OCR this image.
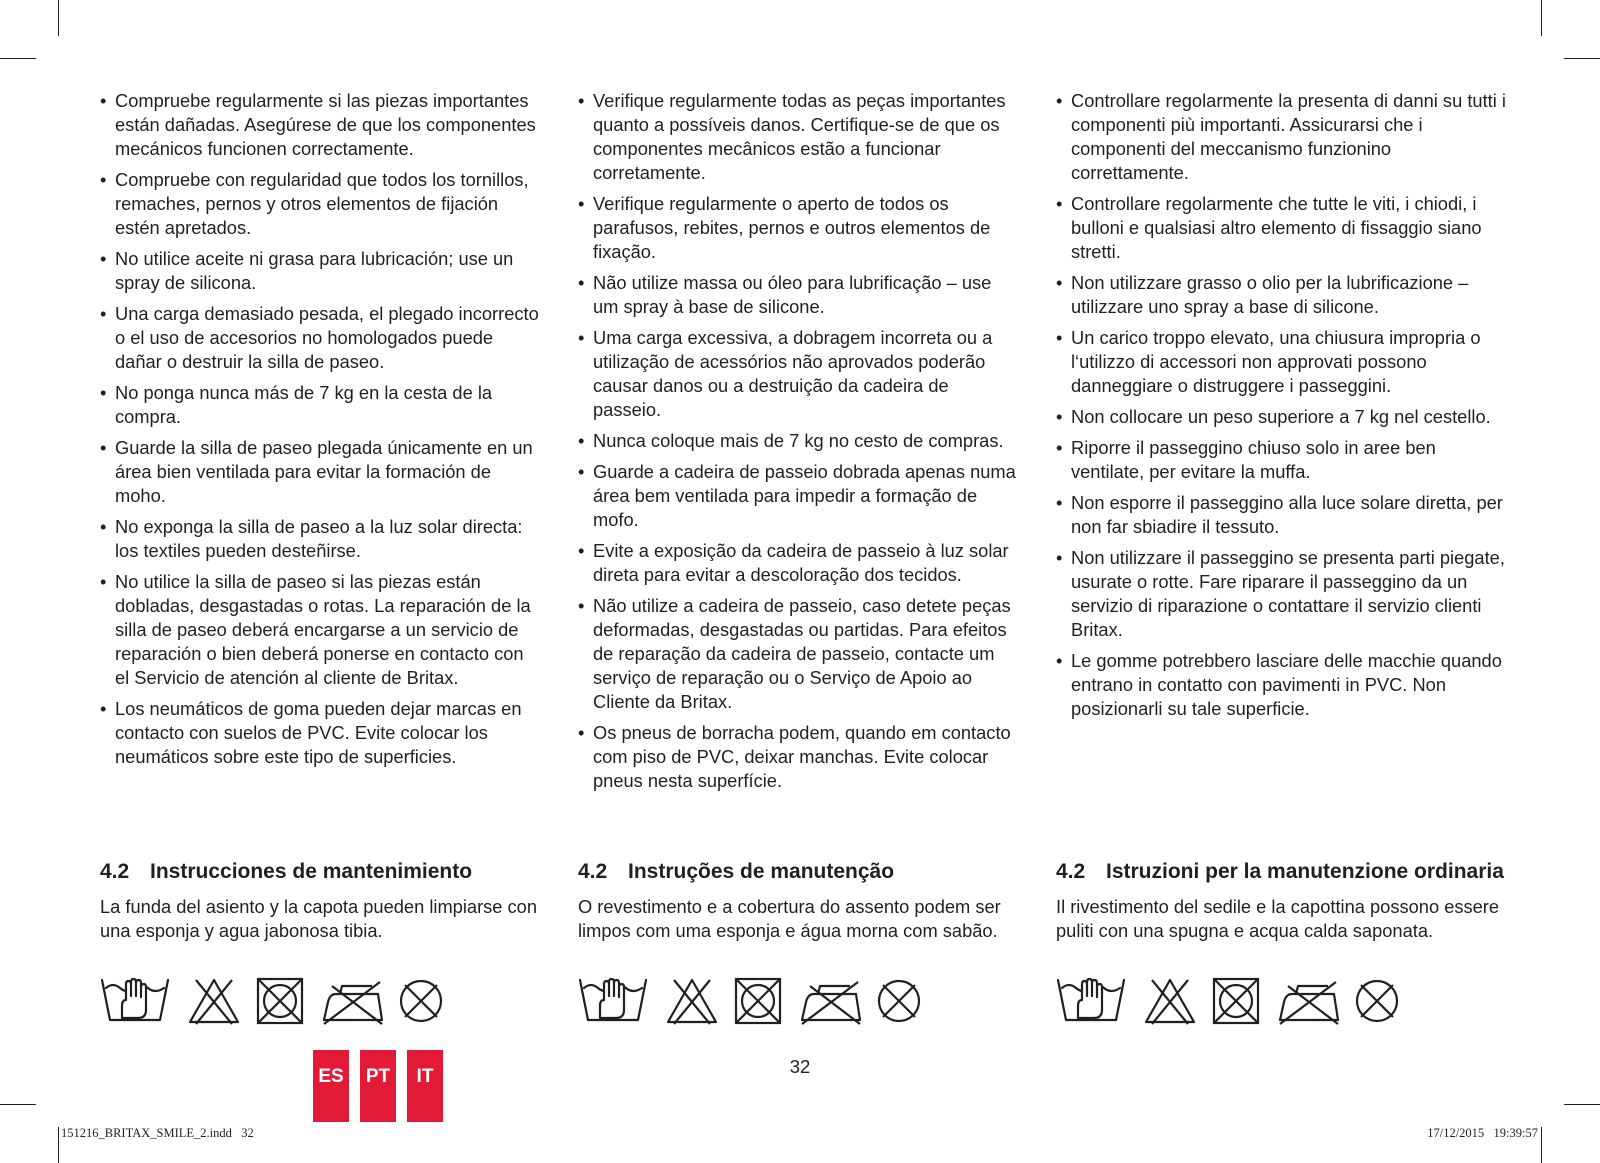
• Compruebe regularmente si las piezas importantes están dañadas. Asegúrese de que los componentes mecánicos funcionen correctamente.
• Compruebe con regularidad que todos los tornillos, remaches, pernos y otros elementos de fijación estén apretados.
• No utilice aceite ni grasa para lubricación; use un spray de silicona.
• Una carga demasiado pesada, el plegado incorrecto o el uso de accesorios no homologados puede dañar o destruir la silla de paseo.
• No ponga nunca más de 7 kg en la cesta de la compra.
• Guarde la silla de paseo plegada únicamente en un área bien ventilada para evitar la formación de moho.
• No exponga la silla de paseo a la luz solar directa: los textiles pueden desteñirse.
• No utilice la silla de paseo si las piezas están dobladas, desgastadas o rotas. La reparación de la silla de paseo deberá encargarse a un servicio de reparación o bien deberá ponerse en contacto con el Servicio de atención al cliente de Britax.
• Los neumáticos de goma pueden dejar marcas en contacto con suelos de PVC. Evite colocar los neumáticos sobre este tipo de superficies.
• Verifique regularmente todas as peças importantes quanto a possíveis danos. Certifique-se de que os componentes mecânicos estão a funcionar corretamente.
• Verifique regularmente o aperto de todos os parafusos, rebites, pernos e outros elementos de fixação.
• Não utilize massa ou óleo para lubrificação – use um spray à base de silicone.
• Uma carga excessiva, a dobragem incorreta ou a utilização de acessórios não aprovados poderão causar danos ou a destruição da cadeira de passeio.
• Nunca coloque mais de 7 kg no cesto de compras.
• Guarde a cadeira de passeio dobrada apenas numa área bem ventilada para impedir a formação de mofo.
• Evite a exposição da cadeira de passeio à luz solar direta para evitar a descoloração dos tecidos.
• Não utilize a cadeira de passeio, caso detete peças deformadas, desgastadas ou partidas. Para efeitos de reparação da cadeira de passeio, contacte um serviço de reparação ou o Serviço de Apoio ao Cliente da Britax.
• Os pneus de borracha podem, quando em contacto com piso de PVC, deixar manchas. Evite colocar pneus nesta superfície.
• Controllare regolarmente la presenta di danni su tutti i componenti più importanti. Assicurarsi che i componenti del meccanismo funzionino correttamente.
• Controllare regolarmente che tutte le viti, i chiodi, i bulloni e qualsiasi altro elemento di fissaggio siano stretti.
• Non utilizzare grasso o olio per la lubrificazione – utilizzare uno spray a base di silicone.
• Un carico troppo elevato, una chiusura impropria o l‘utilizzo di accessori non approvati possono danneggiare o distruggere i passeggini.
• Non collocare un peso superiore a 7 kg nel cestello.
• Riporre il passeggino chiuso solo in aree ben ventilate, per evitare la muffa.
• Non esporre il passeggino alla luce solare diretta, per non far sbiadire il tessuto.
• Non utilizzare il passeggino se presenta parti piegate, usurate o rotte. Fare riparare il passeggino da un servizio di riparazione o contattare il servizio clienti Britax.
• Le gomme potrebbero lasciare delle macchie quando entrano in contatto con pavimenti in PVC. Non posizionarli su tale superficie.
4.2 Instrucciones de mantenimiento

La funda del asiento y la capota pueden limpiarse con una esponja y agua jabonosa tibia.

4.2 Instruções de manutenção

O revestimento e a cobertura do assento podem ser limpos com uma esponja e água morna com sabão.

4.2 Istruzioni per la manutenzione ordinaria

Il rivestimento del sedile e la capottina possono essere puliti con una spugna e acqua calda saponata.

32
ES	PT	IT
151216_BRITAX_SMILE_2.indd   32	17/12/2015   19:39:57
